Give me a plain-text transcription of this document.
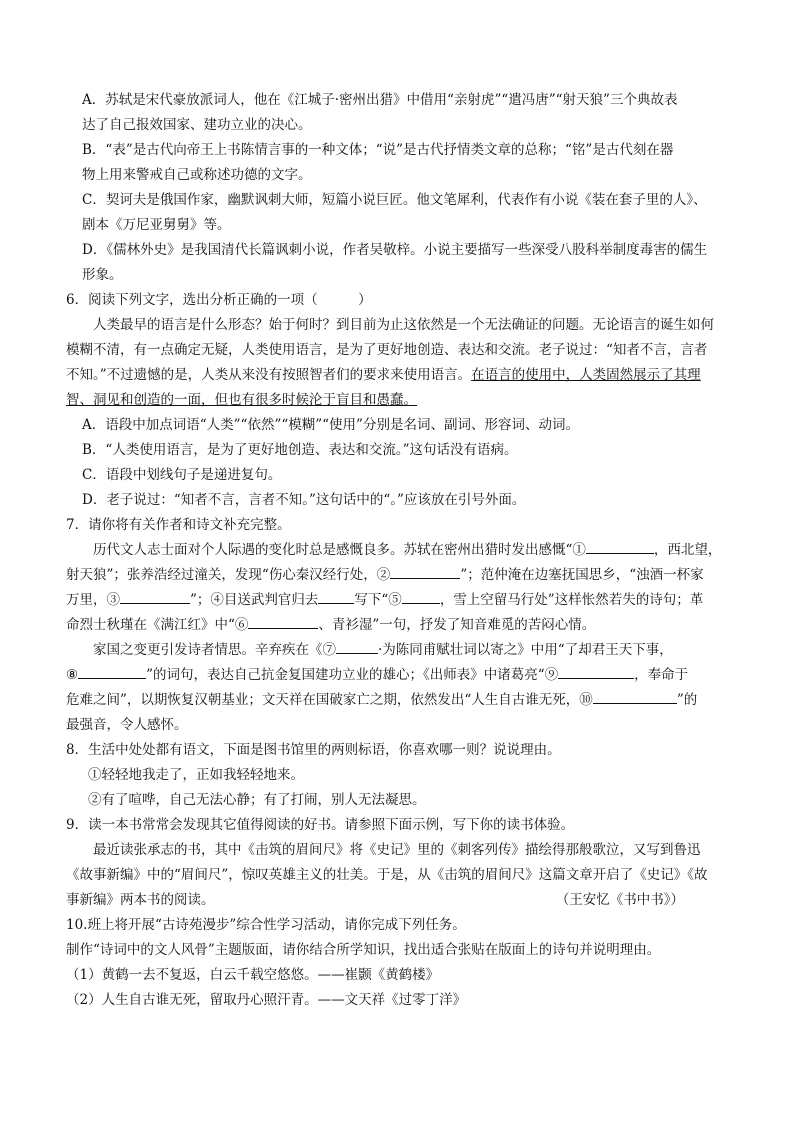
A．苏轼是宋代豪放派词人，他在《江城子·密州出猎》中借用“亲射虎”“遣冯唐”“射天狼”三个典故表

达了自己报效国家、建功立业的决心。

B．“表”是古代向帝王上书陈情言事的一种文体；“说”是古代抒情类文章的总称；“铭”是古代刻在器

物上用来警戒自己或称述功德的文字。

C．契诃夫是俄国作家，幽默讽刺大师，短篇小说巨匠。他文笔犀利，代表作有小说《装在套子里的人》、

剧本《万尼亚舅舅》等。

D．《儒林外史》是我国清代长篇讽刺小说，作者吴敬梓。小说主要描写一些深受八股科举制度毒害的儒生

形象。

6．阅读下列文字，选出分析正确的一项（　　　）

人类最早的语言是什么形态？始于何时？到目前为止这依然是一个无法确证的问题。无论语言的诞生如何

模糊不清，有一点确定无疑，人类使用语言，是为了更好地创造、表达和交流。老子说过：“知者不言，言者

不知。”不过遗憾的是，人类从来没有按照智者们的要求来使用语言。在语言的使用中，人类固然展示了其理

智、洞见和创造的一面，但也有很多时候沦于盲目和愚蠢。

A．语段中加点词语“人类”“依然”“模糊”“使用”分别是名词、副词、形容词、动词。

B．“人类使用语言，是为了更好地创造、表达和交流。”这句话没有语病。

C．语段中划线句子是递进复句。

D．老子说过：“知者不言，言者不知。”这句话中的“。”应该放在引号外面。

7．请你将有关作者和诗文补充完整。

历代文人志士面对个人际遇的变化时总是感慨良多。苏轼在密州出猎时发出感慨“①	，西北望，

射天狼”；张养浩经过潼关，发现“伤心秦汉经行处，②	”；范仲淹在边塞抚国思乡，“浊酒一杯家

万里，③	”；④目送武判官归去	写下“⑤	，雪上空留马行处”这样怅然若失的诗句；革

命烈士秋瑾在《满江红》中“⑥	、青衫湿”一句，抒发了知音难觅的苦闷心情。

家国之变更引发诗者情思。辛弃疾在《⑦	·为陈同甫赋壮词以寄之》中用“了却君王天下事，

⑧	”的词句，表达自己抗金复国建功立业的雄心；《出师表》中诸葛亮“⑨	，奉命于

危难之间”，以期恢复汉朝基业；文天祥在国破家亡之期，依然发出“人生自古谁无死，⑩	”的

最强音，令人感怀。

8．生活中处处都有语文，下面是图书馆里的两则标语，你喜欢哪一则？说说理由。

①轻轻地我走了，正如我轻轻地来。

②有了喧哗，自己无法心静；有了打闹，别人无法凝思。

9．读一本书常常会发现其它值得阅读的好书。请参照下面示例，写下你的读书体验。

最近读张承志的书，其中《击筑的眉间尺》将《史记》里的《刺客列传》描绘得那般歌泣，又写到鲁迅

《故事新编》中的“眉间尺”，惊叹英雄主义的壮美。于是，从《击筑的眉间尺》这篇文章开启了《史记》《故

事新编》两本书的阅读。	（王安忆《书中书》）

10.班上将开展“古诗苑漫步”综合性学习活动，请你完成下列任务。

制作“诗词中的文人风骨”主题版面，请你结合所学知识，找出适合张贴在版面上的诗句并说明理由。

（1）黄鹤一去不复返，白云千载空悠悠。——崔颢《黄鹤楼》

（2）人生自古谁无死，留取丹心照汗青。——文天祥《过零丁洋》
